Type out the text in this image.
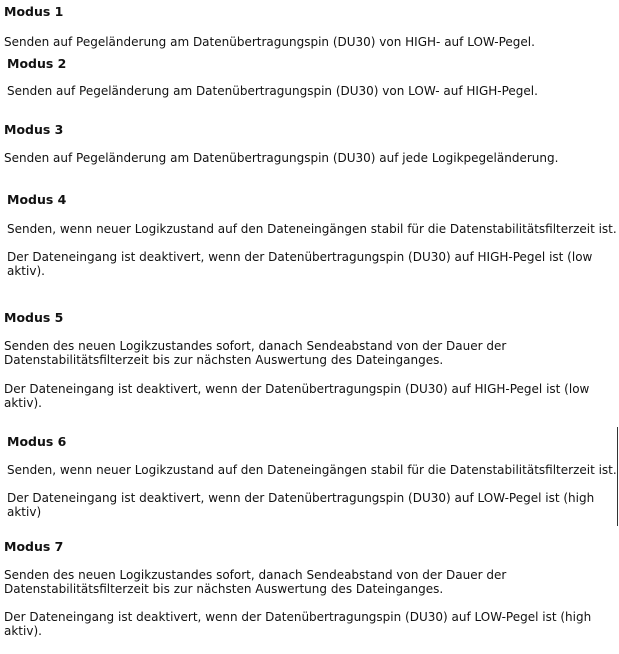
Modus 1
Senden auf Pegeländerung am Datenübertragungspin (DU30) von HIGH- auf LOW-Pegel.
Modus 2
Senden auf Pegeländerung am Datenübertragungspin (DU30) von LOW- auf HIGH-Pegel.
Modus 3
Senden auf Pegeländerung am Datenübertragungspin (DU30) auf jede Logikpegeländerung.
Modus 4
Senden, wenn neuer Logikzustand auf den Dateneingängen stabil für die Datenstabilitätsfilterzeit ist.
Der Dateneingang ist deaktivert, wenn der Datenübertragungspin (DU30) auf HIGH-Pegel ist (low
aktiv).
Modus 5
Senden des neuen Logikzustandes sofort, danach Sendeabstand von der Dauer der
Datenstabilitätsfilterzeit bis zur nächsten Auswertung des Dateinganges.
Der Dateneingang ist deaktivert, wenn der Datenübertragungspin (DU30) auf HIGH-Pegel ist (low
aktiv).
Modus 6
Senden, wenn neuer Logikzustand auf den Dateneingängen stabil für die Datenstabilitätsfilterzeit ist.
Der Dateneingang ist deaktivert, wenn der Datenübertragungspin (DU30) auf LOW-Pegel ist (high
aktiv)
Modus 7
Senden des neuen Logikzustandes sofort, danach Sendeabstand von der Dauer der
Datenstabilitätsfilterzeit bis zur nächsten Auswertung des Dateinganges.
Der Dateneingang ist deaktivert, wenn der Datenübertragungspin (DU30) auf LOW-Pegel ist (high
aktiv).
